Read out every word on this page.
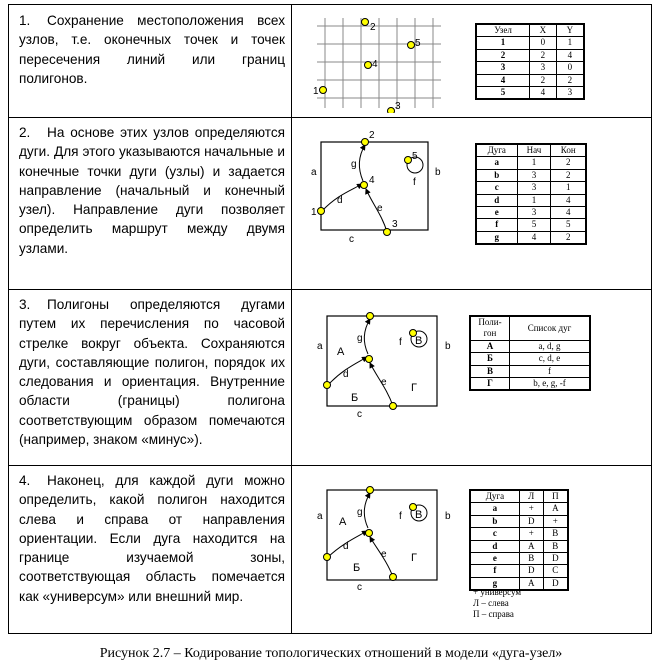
1. Сохранение местоположения всех узлов, т.е. оконечных точек и точек пересечения линий или границ полигонов.

1
2
3
4
5
Узел	X	Y
1	0	1
2	2	4
3	3	0
4	2	2
5	4	3

2. На основе этих узлов определяются дуги. Для этого указываются начальные и конечные точки дуги (узлы) и задается направление (начальный и конечный узел). Направление дуги позволяет определить маршрут между двумя узлами.

1
2
3
4
5
a	b
c
d
e
f
g
Дуга	Нач	Кон
a	1	2
b	3	2
c	3	1
d	1	4
e	3	4
f	5	5
g	4	2

3. Полигоны определяются дугами путем их перечисления по часовой стрелке вокруг объекта. Сохраняются дуги, составляющие полигон, порядок их следования и ориентация. Внутренние области (границы) полигона соответствующим образом помечаются (например, знаком «минус»).

a	b
c
d
e
f
g
А
Б
В
Г
Поли-гон	Список дуг
А	a, d, g
Б	c, d, e
В	f
Г	b, e, g, -f

4. Наконец, для каждой дуги можно определить, какой полигон находится слева и справа от направления ориентации. Если дуга находится на границе изучаемой зоны, соответствующая область помечается как «универсум» или внешний мир.

a	b
c
d
e
f
g
А
Б
В
Г
Дуга	Л	П
a	+	А
b	D	+
c	+	B
d	A	B
e	B	D
f	D	C
g	A	D
+ универсум
Л – слева
П – справа
Рисунок 2.7 – Кодирование топологических отношений в модели «дуга-узел»
